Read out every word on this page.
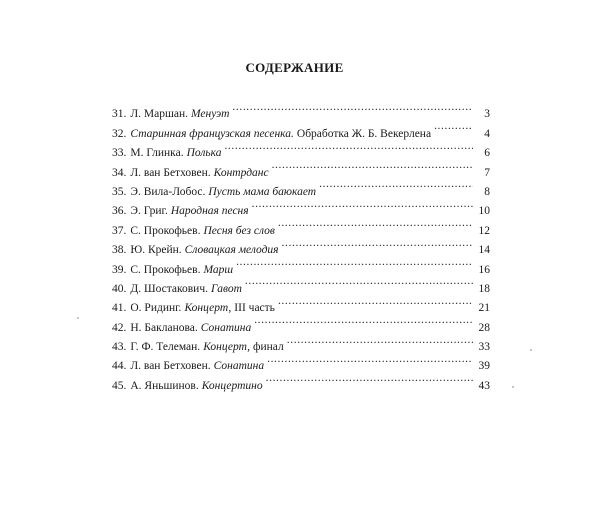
СОДЕРЖАНИЕ
31. Л. Маршан. Менуэт .....	3
32. Старинная французская песенка. Обработка Ж. Б. Векерлена .....	4
33. М. Глинка. Полька .....	6
34. Л. ван Бетховен. Контрданс .....	7
35. Э. Вила-Лобос. Пусть мама баюкает .....	8
36. Э. Григ. Народная песня .....	10
37. С. Прокофьев. Песня без слов .....	12
38. Ю. Крейн. Словацкая мелодия .....	14
39. С. Прокофьев. Марш .....	16
40. Д. Шостакович. Гавот .....	18
41. О. Ридинг. Концерт, III часть .....	21
42. Н. Бакланова. Сонатина .....	28
43. Г. Ф. Телеман. Концерт, финал .....	33
44. Л. ван Бетховен. Сонатина .....	39
45. А. Яньшинов. Концертино .....	43
